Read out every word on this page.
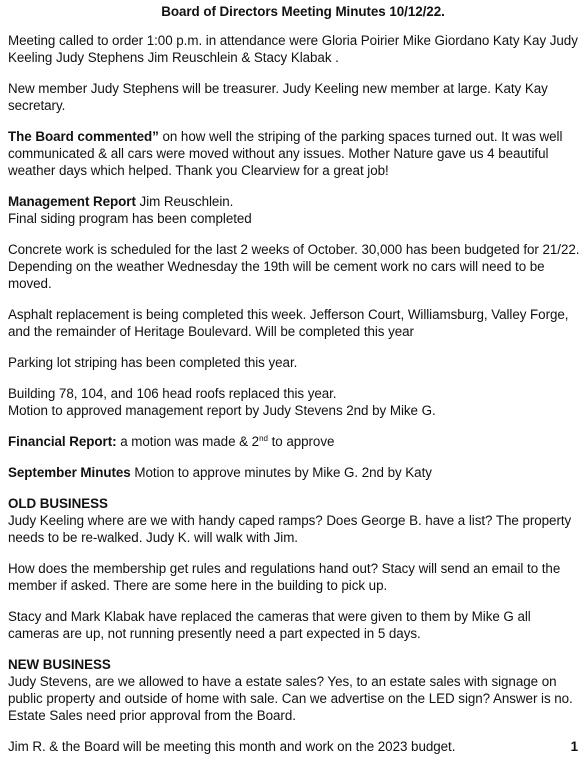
Board of Directors Meeting Minutes 10/12/22.

Meeting called to order 1:00 p.m. in attendance were Gloria Poirier Mike Giordano Katy Kay Judy Keeling Judy Stephens Jim Reuschlein & Stacy Klabak .

New member Judy Stephens will be treasurer. Judy Keeling new member at large. Katy Kay secretary.

The Board commented” on how well the striping of the parking spaces turned out. It was well communicated & all cars were moved without any issues. Mother Nature gave us 4 beautiful weather days which helped. Thank you Clearview for a great job!

Management Report Jim Reuschlein.
Final siding program has been completed

Concrete work is scheduled for the last 2 weeks of October. 30,000 has been budgeted for 21/22. Depending on the weather Wednesday the 19th will be cement work no cars will need to be moved.

Asphalt replacement is being completed this week. Jefferson Court, Williamsburg, Valley Forge, and the remainder of Heritage Boulevard. Will be completed this year

Parking lot striping has been completed this year.

Building 78, 104, and 106 head roofs replaced this year.
Motion to approved management report by Judy Stevens 2nd by Mike G.

Financial Report: a motion was made & 2nd to approve

September Minutes Motion to approve minutes by Mike G. 2nd by Katy

OLD BUSINESS
Judy Keeling where are we with handy caped ramps? Does George B. have a list? The property needs to be re-walked. Judy K. will walk with Jim.

How does the membership get rules and regulations hand out? Stacy will send an email to the member if asked. There are some here in the building to pick up.

Stacy and Mark Klabak have replaced the cameras that were given to them by Mike G all cameras are up, not running presently need a part expected in 5 days.

NEW BUSINESS
Judy Stevens, are we allowed to have a estate sales? Yes, to an estate sales with signage on public property and outside of home with sale. Can we advertise on the LED sign? Answer is no. Estate Sales need prior approval from the Board.

Jim R. & the Board will be meeting this month and work on the 2023 budget.	1
